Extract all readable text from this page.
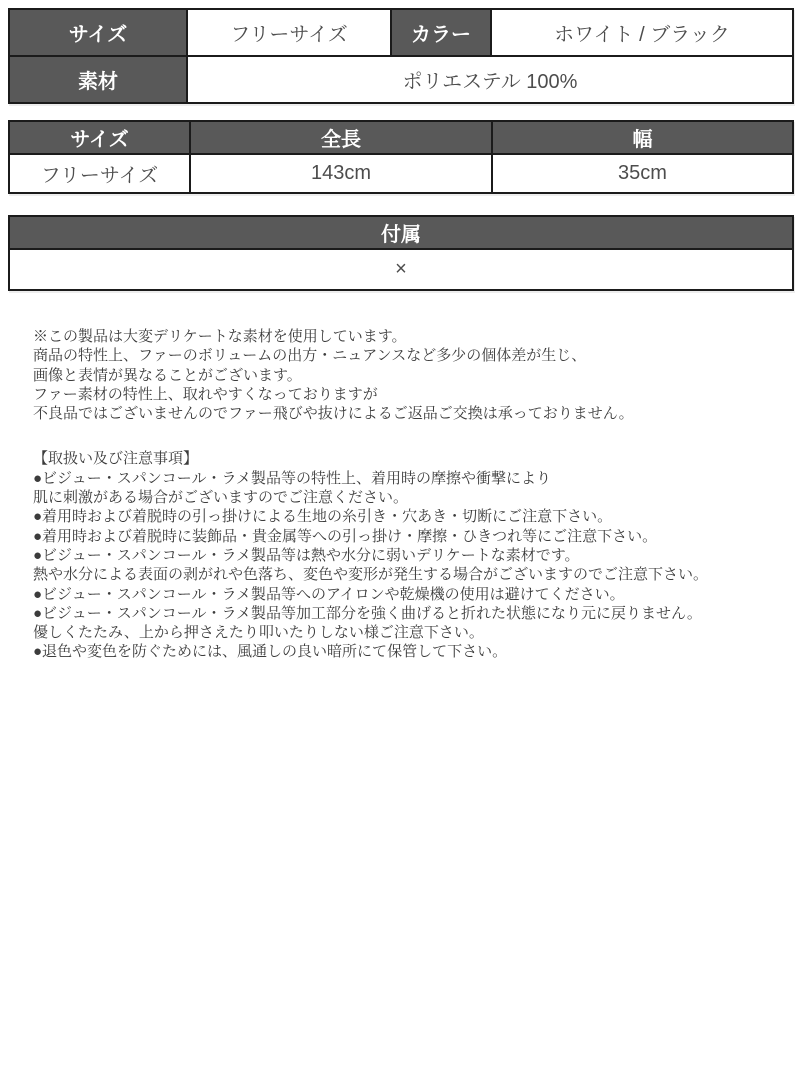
サイズ	フリーサイズ	カラー	ホワイト / ブラック
素材	ポリエステル 100%		
サイズ	全長	幅
フリーサイズ	143cm	35cm
付属
×
※この製品は大変デリケートな素材を使用しています。
商品の特性上、ファーのボリュームの出方・ニュアンスなど多少の個体差が生じ、
画像と表情が異なることがございます。
ファー素材の特性上、取れやすくなっておりますが
不良品ではございませんのでファー飛びや抜けによるご返品ご交換は承っておりません。
【取扱い及び注意事項】
●ビジュー・スパンコール・ラメ製品等の特性上、着用時の摩擦や衝撃により
肌に刺激がある場合がございますのでご注意ください。
●着用時および着脱時の引っ掛けによる生地の糸引き・穴あき・切断にご注意下さい。
●着用時および着脱時に装飾品・貴金属等への引っ掛け・摩擦・ひきつれ等にご注意下さい。
●ビジュー・スパンコール・ラメ製品等は熱や水分に弱いデリケートな素材です。
熱や水分による表面の剥がれや色落ち、変色や変形が発生する場合がございますのでご注意下さい。
●ビジュー・スパンコール・ラメ製品等へのアイロンや乾燥機の使用は避けてください。
●ビジュー・スパンコール・ラメ製品等加工部分を強く曲げると折れた状態になり元に戻りません。
優しくたたみ、上から押さえたり叩いたりしない様ご注意下さい。
●退色や変色を防ぐためには、風通しの良い暗所にて保管して下さい。
